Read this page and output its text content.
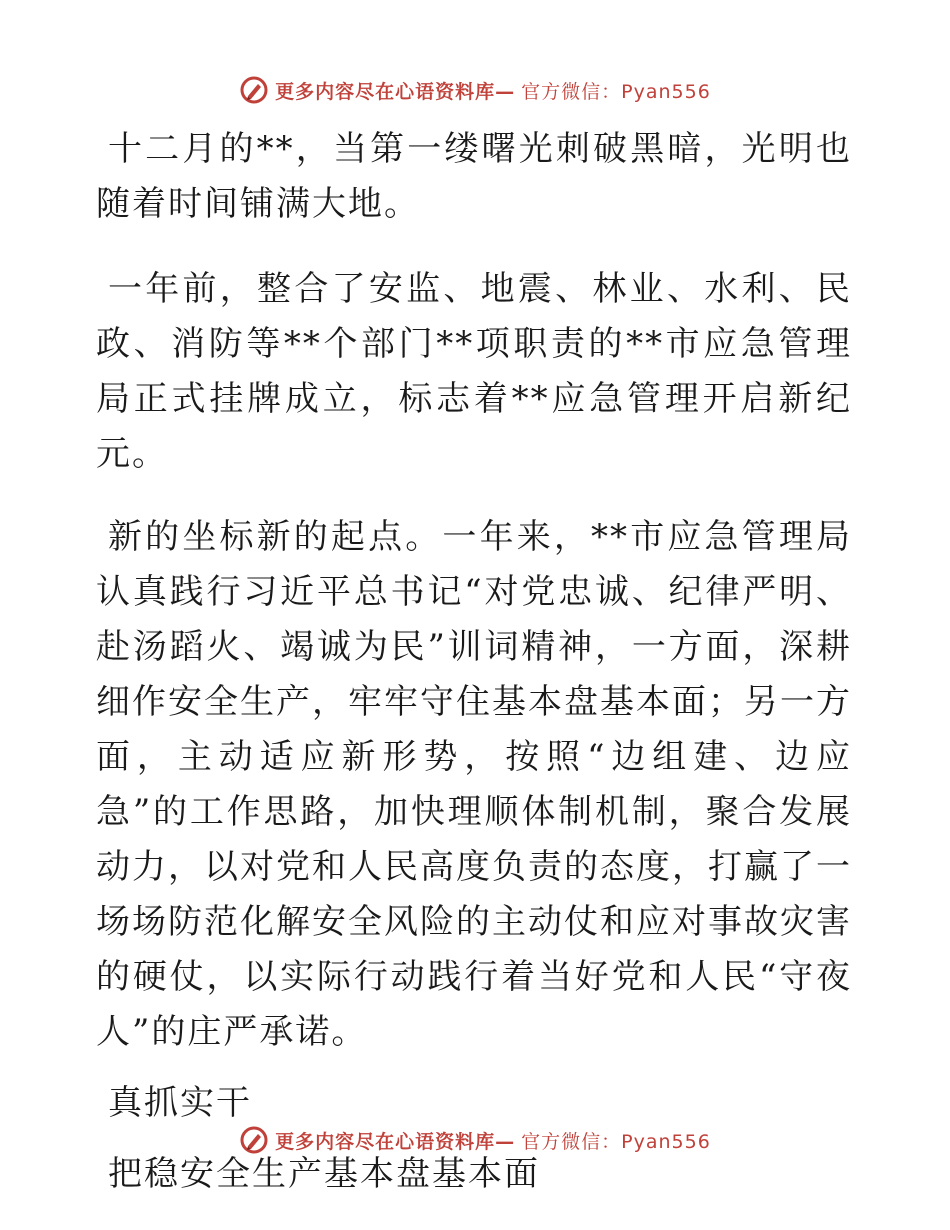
更多内容尽在心语资料库— 官方微信：Pyan556

十二月的**，当第一缕曙光刺破黑暗，光明也随着时间铺满大地。

一年前，整合了安监、地震、林业、水利、民政、消防等**个部门**项职责的**市应急管理局正式挂牌成立，标志着**应急管理开启新纪元。

新的坐标新的起点。一年来，**市应急管理局认真践行习近平总书记“对党忠诚、纪律严明、赴汤蹈火、竭诚为民”训词精神，一方面，深耕细作安全生产，牢牢守住基本盘基本面；另一方面，主动适应新形势，按照“边组建、边应急”的工作思路，加快理顺体制机制，聚合发展动力，以对党和人民高度负责的态度，打赢了一场场防范化解安全风险的主动仗和应对事故灾害的硬仗，以实际行动践行着当好党和人民“守夜人”的庄严承诺。

真抓实干

把稳安全生产基本盘基本面

更多内容尽在心语资料库— 官方微信：Pyan556
